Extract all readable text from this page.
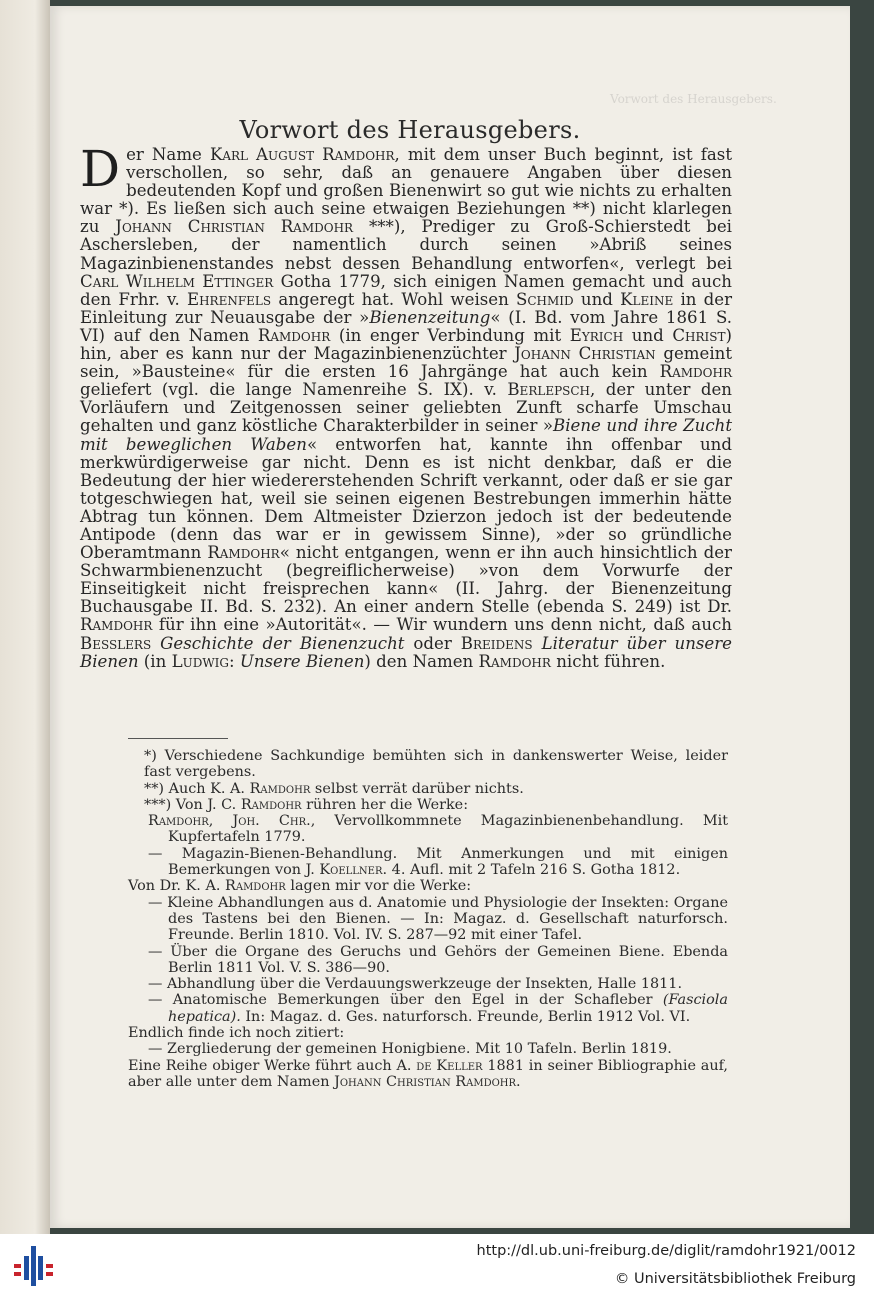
Vorwort des Herausgebers.
Vorwort des Herausgebers.

Der Name Karl August Ramdohr, mit dem unser Buch beginnt, ist fast verschollen, so sehr, daß an genauere Angaben über diesen bedeutenden Kopf und großen Bienenwirt so gut wie nichts zu erhalten war *). Es ließen sich auch seine etwaigen Beziehungen **) nicht klarlegen zu Johann Christian Ramdohr ***), Prediger zu Groß-Schierstedt bei Aschersleben, der namentlich durch seinen »Abriß seines Magazinbienenstandes nebst dessen Behandlung entworfen«, verlegt bei Carl Wilhelm Ettinger Gotha 1779, sich einigen Namen gemacht und auch den Frhr. v. Ehrenfels angeregt hat. Wohl weisen Schmid und Kleine in der Einleitung zur Neuausgabe der »Bienenzeitung« (I. Bd. vom Jahre 1861 S. VI) auf den Namen Ramdohr (in enger Verbindung mit Eyrich und Christ) hin, aber es kann nur der Magazinbienenzüchter Johann Christian gemeint sein, »Bausteine« für die ersten 16 Jahrgänge hat auch kein Ramdohr geliefert (vgl. die lange Namenreihe S. IX). v. Berlepsch, der unter den Vorläufern und Zeitgenossen seiner geliebten Zunft scharfe Umschau gehalten und ganz köstliche Charakterbilder in seiner »Biene und ihre Zucht mit beweglichen Waben« entworfen hat, kannte ihn offenbar und merkwürdigerweise gar nicht. Denn es ist nicht denkbar, daß er die Bedeutung der hier wiedererstehenden Schrift verkannt, oder daß er sie gar totgeschwiegen hat, weil sie seinen eigenen Bestrebungen immerhin hätte Abtrag tun können. Dem Altmeister Dzierzon jedoch ist der bedeutende Antipode (denn das war er in gewissem Sinne), »der so gründliche Oberamtmann Ramdohr« nicht entgangen, wenn er ihn auch hinsichtlich der Schwarmbienenzucht (begreiflicherweise) »von dem Vorwurfe der Einseitigkeit nicht freisprechen kann« (II. Jahrg. der Bienenzeitung Buchausgabe II. Bd. S. 232). An einer andern Stelle (ebenda S. 249) ist Dr. Ramdohr für ihn eine »Autorität«. — Wir wundern uns denn nicht, daß auch Besslers Geschichte der Bienenzucht oder Breidens Literatur über unsere Bienen (in Ludwig: Unsere Bienen) den Namen Ramdohr nicht führen.

*) Verschiedene Sachkundige bemühten sich in dankenswerter Weise, leider fast vergebens.

**) Auch K. A. Ramdohr selbst verrät darüber nichts.

***) Von J. C. Ramdohr rühren her die Werke:

Ramdohr, Joh. Chr., Vervollkommnete Magazinbienenbehandlung. Mit Kupfertafeln 1779.

— Magazin-Bienen-Behandlung. Mit Anmerkungen und mit einigen Bemerkungen von J. Koellner. 4. Aufl. mit 2 Tafeln 216 S. Gotha 1812.

Von Dr. K. A. Ramdohr lagen mir vor die Werke:

— Kleine Abhandlungen aus d. Anatomie und Physiologie der Insekten: Organe des Tastens bei den Bienen. — In: Magaz. d. Gesellschaft naturforsch. Freunde. Berlin 1810. Vol. IV. S. 287—92 mit einer Tafel.

— Über die Organe des Geruchs und Gehörs der Gemeinen Biene. Ebenda Berlin 1811 Vol. V. S. 386—90.

— Abhandlung über die Verdauungswerkzeuge der Insekten, Halle 1811.

— Anatomische Bemerkungen über den Egel in der Schafleber (Fasciola hepatica). In: Magaz. d. Ges. naturforsch. Freunde, Berlin 1912 Vol. VI.

Endlich finde ich noch zitiert:

— Zergliederung der gemeinen Honigbiene. Mit 10 Tafeln. Berlin 1819.

Eine Reihe obiger Werke führt auch A. de Keller 1881 in seiner Bibliographie auf, aber alle unter dem Namen Johann Christian Ramdohr.

http://dl.ub.uni-freiburg.de/diglit/ramdohr1921/0012
© Universitätsbibliothek Freiburg
